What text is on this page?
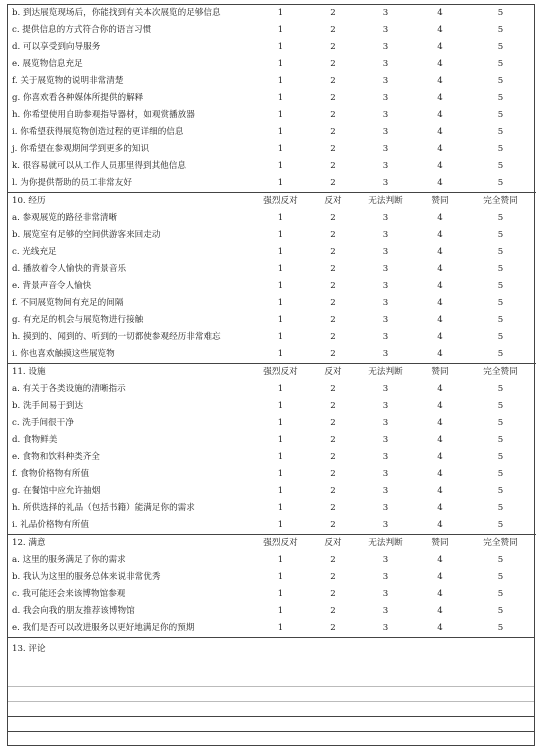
b. 到达展览现场后，你能找到有关本次展览的足够信息	1	2	3	4	5
c. 提供信息的方式符合你的语言习惯	1	2	3	4	5
d. 可以享受到向导服务	1	2	3	4	5
e. 展览物信息充足	1	2	3	4	5
f. 关于展览物的说明非常清楚	1	2	3	4	5
g. 你喜欢看各种媒体所提供的解释	1	2	3	4	5
h. 你希望使用自助参观指导器材，如观赏播放器	1	2	3	4	5
i. 你希望获得展览物创造过程的更详细的信息	1	2	3	4	5
j. 你希望在参观期间学到更多的知识	1	2	3	4	5
k. 很容易就可以从工作人员那里得到其他信息	1	2	3	4	5
l. 为你提供帮助的员工非常友好	1	2	3	4	5
10. 经历	强烈反对	反对	无法判断	赞同	完全赞同
a. 参观展览的路径非常清晰	1	2	3	4	5
b. 展览室有足够的空间供游客来回走动	1	2	3	4	5
c. 光线充足	1	2	3	4	5
d. 播放着令人愉快的背景音乐	1	2	3	4	5
e. 背景声音令人愉快	1	2	3	4	5
f. 不同展览物间有充足的间隔	1	2	3	4	5
g. 有充足的机会与展览物进行接触	1	2	3	4	5
h. 摸到的、闻到的、听到的一切都使参观经历非常难忘	1	2	3	4	5
i. 你也喜欢触摸这些展览物	1	2	3	4	5
11. 设施	强烈反对	反对	无法判断	赞同	完全赞同
a. 有关于各类设施的清晰指示	1	2	3	4	5
b. 洗手间易于到达	1	2	3	4	5
c. 洗手间很干净	1	2	3	4	5
d. 食物鲜美	1	2	3	4	5
e. 食物和饮料种类齐全	1	2	3	4	5
f. 食物价格物有所值	1	2	3	4	5
g. 在餐馆中应允许抽烟	1	2	3	4	5
h. 所供选择的礼品（包括书籍）能满足你的需求	1	2	3	4	5
i. 礼品价格物有所值	1	2	3	4	5
12. 满意	强烈反对	反对	无法判断	赞同	完全赞同
a. 这里的服务满足了你的需求	1	2	3	4	5
b. 我认为这里的服务总体来说非常优秀	1	2	3	4	5
c. 我可能还会来该博物馆参观	1	2	3	4	5
d. 我会向我的朋友推荐该博物馆	1	2	3	4	5
e. 我们是否可以改进服务以更好地满足你的预期	1	2	3	4	5
13. 评论
